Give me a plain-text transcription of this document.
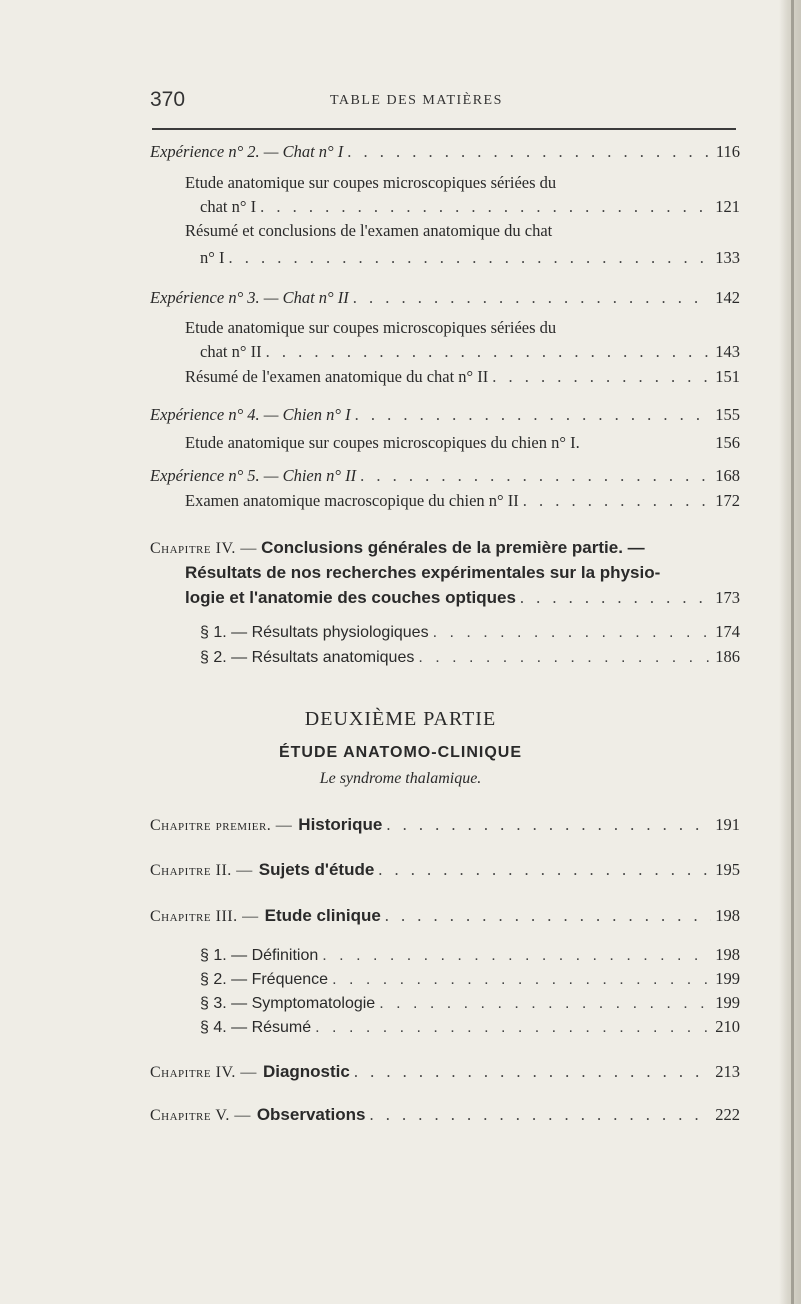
370	TABLE DES MATIÈRES
Expérience n° 2. — Chat n° I . . .	116
Etude anatomique sur coupes microscopiques sériées du
chat n° I . . .	121
Résumé et conclusions de l'examen anatomique du chat
n° I . . .	133
Expérience n° 3. — Chat n° II . . .	142
Etude anatomique sur coupes microscopiques sériées du
chat n° II . . .	143
Résumé de l'examen anatomique du chat n° II . . .	151
Expérience n° 4. — Chien n° I . . .	155
Etude anatomique sur coupes microscopiques du chien n° I.	156
Expérience n° 5. — Chien n° II . . .	168
Examen anatomique macroscopique du chien n° II . . .	172
Chapitre IV. — Conclusions générales de la première partie. —
Résultats de nos recherches expérimentales sur la physio-
logie et l'anatomie des couches optiques . . .	173
§ 1. — Résultats physiologiques . . .	174
§ 2. — Résultats anatomiques . . .	186
DEUXIÈME PARTIE
ÉTUDE ANATOMO-CLINIQUE
Le syndrome thalamique.
Chapitre premier. — Historique . . .	191
Chapitre II. — Sujets d'étude . . .	195
Chapitre III. — Etude clinique . . .	198
§ 1. — Définition . . .	198
§ 2. — Fréquence . . .	199
§ 3. — Symptomatologie . . .	199
§ 4. — Résumé . . .	210
Chapitre IV. — Diagnostic . . .	213
Chapitre V. — Observations . . .	222
